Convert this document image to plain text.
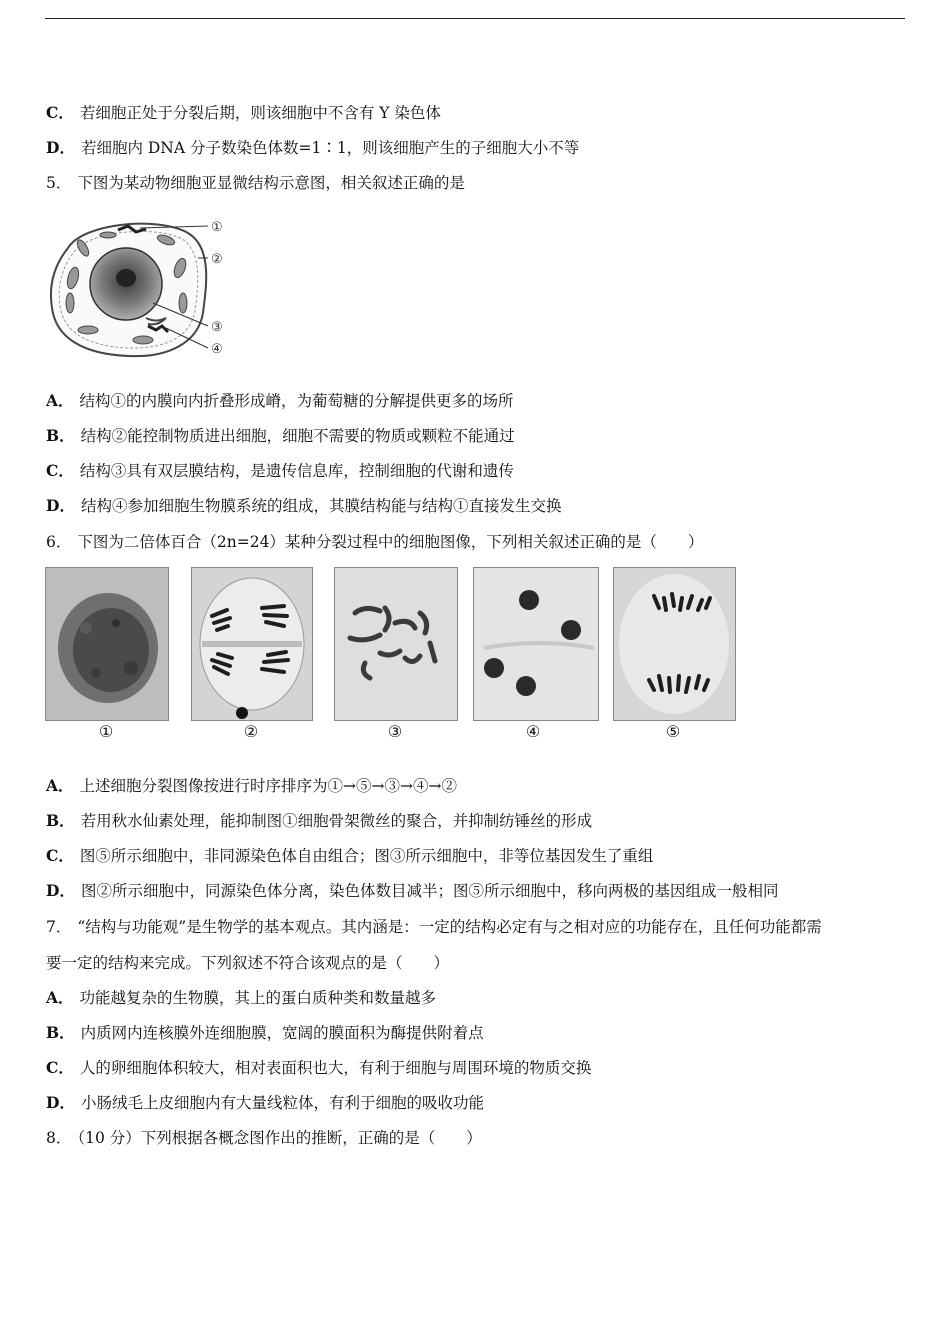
C． 若细胞正处于分裂后期，则该细胞中不含有 Y 染色体
D． 若细胞内 DNA 分子数染色体数=1∶1，则该细胞产生的子细胞大小不等
5． 下图为某动物细胞亚显微结构示意图，相关叙述正确的是
①
②
③
④
A． 结构①的内膜向内折叠形成嵴，为葡萄糖的分解提供更多的场所
B． 结构②能控制物质进出细胞，细胞不需要的物质或颗粒不能通过
C． 结构③具有双层膜结构，是遗传信息库，控制细胞的代谢和遗传
D． 结构④参加细胞生物膜系统的组成，其膜结构能与结构①直接发生交换
6． 下图为二倍体百合（2n=24）某种分裂过程中的细胞图像，下列相关叙述正确的是（　　）
①	②	③	④	⑤
A． 上述细胞分裂图像按进行时序排序为①→⑤→③→④→②
B． 若用秋水仙素处理，能抑制图①细胞骨架微丝的聚合，并抑制纺锤丝的形成
C． 图⑤所示细胞中，非同源染色体自由组合；图③所示细胞中，非等位基因发生了重组
D． 图②所示细胞中，同源染色体分离，染色体数目减半；图⑤所示细胞中，移向两极的基因组成一般相同
7． “结构与功能观”是生物学的基本观点。其内涵是：一定的结构必定有与之相对应的功能存在，且任何功能都需
要一定的结构来完成。下列叙述不符合该观点的是（　　）
A． 功能越复杂的生物膜，其上的蛋白质种类和数量越多
B． 内质网内连核膜外连细胞膜，宽阔的膜面积为酶提供附着点
C． 人的卵细胞体积较大，相对表面积也大，有利于细胞与周围环境的物质交换
D． 小肠绒毛上皮细胞内有大量线粒体，有利于细胞的吸收功能
8． （10 分）下列根据各概念图作出的推断，正确的是（　　）
